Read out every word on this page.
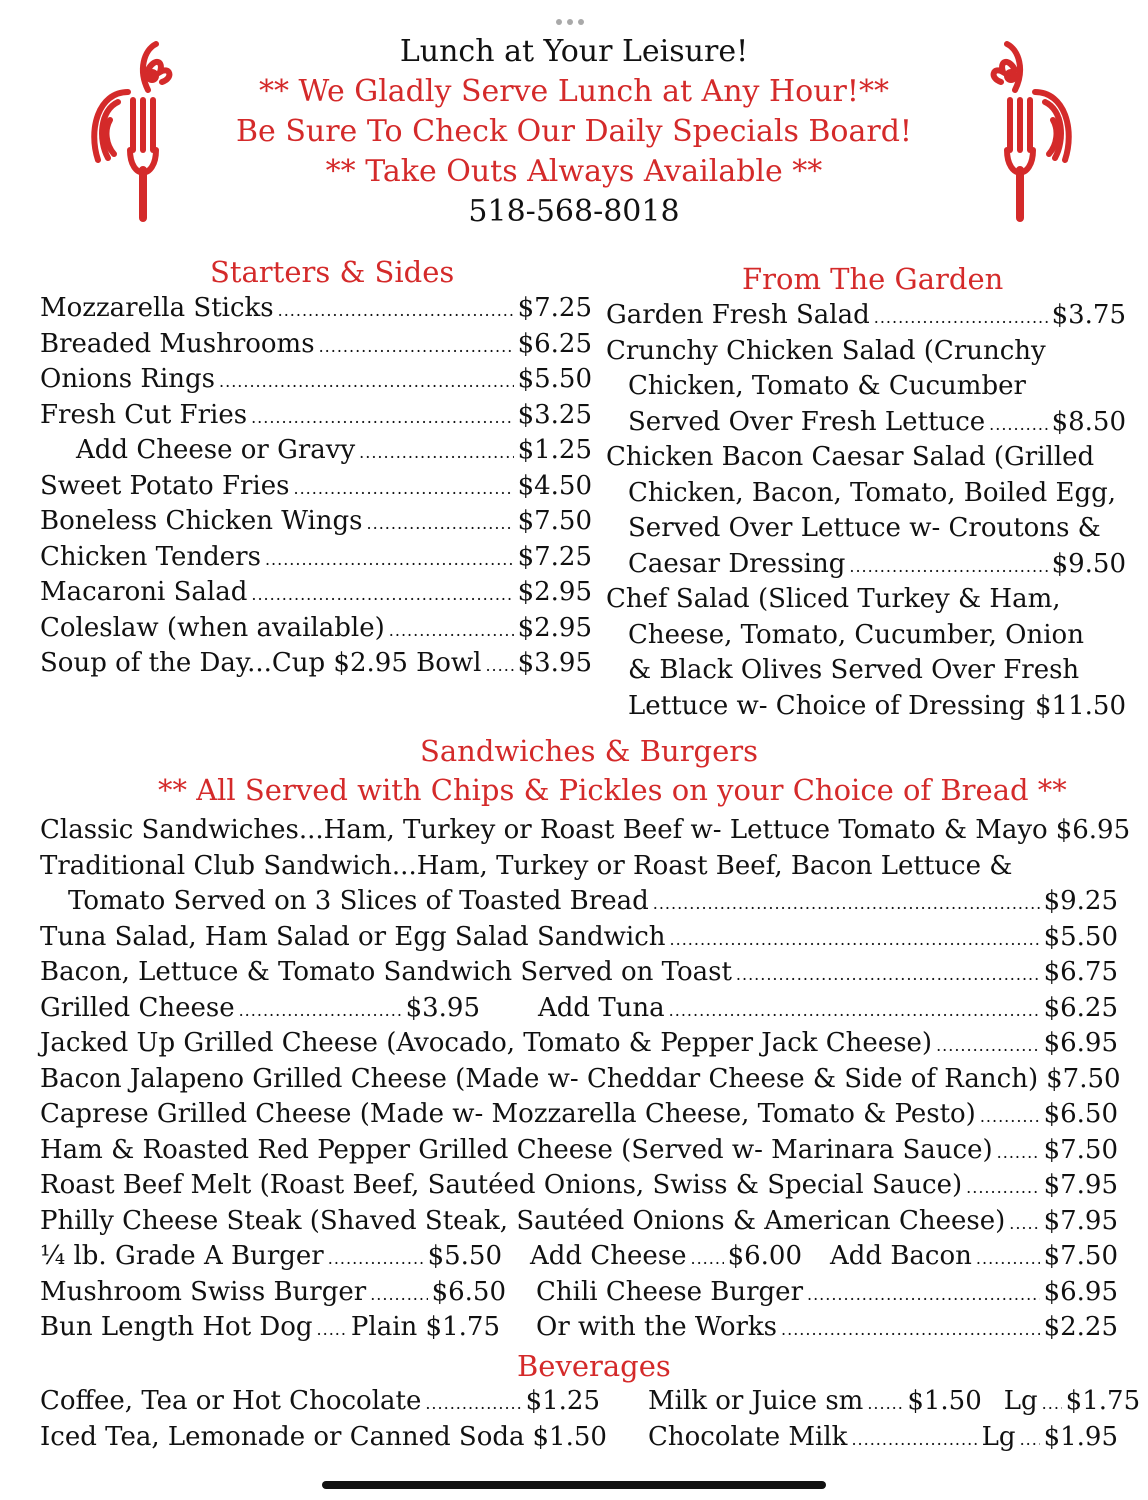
Lunch at Your Leisure!
** We Gladly Serve Lunch at Any Hour!**
Be Sure To Check Our Daily Specials Board!
** Take Outs Always Available **
518-568-8018
Starters & Sides
Mozzarella Sticks .....	$7.25
Breaded Mushrooms .....	$6.25
Onions Rings .....	$5.50
Fresh Cut Fries .....	$3.25
Add Cheese or Gravy .....	$1.25
Sweet Potato Fries .....	$4.50
Boneless Chicken Wings .....	$7.50
Chicken Tenders .....	$7.25
Macaroni Salad .....	$2.95
Coleslaw (when available) .....	$2.95
Soup of the Day...Cup $2.95 Bowl ..... $3.95
From The Garden
Garden Fresh Salad .....	$3.75
Crunchy Chicken Salad (Crunchy
Chicken, Tomato & Cucumber
Served Over Fresh Lettuce .....	$8.50
Chicken Bacon Caesar Salad (Grilled
Chicken, Bacon, Tomato, Boiled Egg,
Served Over Lettuce w- Croutons &
Caesar Dressing .....	$9.50
Chef Salad (Sliced Turkey & Ham,
Cheese, Tomato, Cucumber, Onion
& Black Olives Served Over Fresh
Lettuce w- Choice of Dressing ..... $11.50
Sandwiches & Burgers
** All Served with Chips & Pickles on your Choice of Bread **
Classic Sandwiches...Ham, Turkey or Roast Beef w- Lettuce Tomato & Mayo $6.95
Traditional Club Sandwich...Ham, Turkey or Roast Beef, Bacon Lettuce &
Tomato Served on 3 Slices of Toasted Bread .....	$9.25
Tuna Salad, Ham Salad or Egg Salad Sandwich .....	$5.50
Bacon, Lettuce & Tomato Sandwich Served on Toast .....	$6.75
Grilled Cheese .....	$3.95 Add Tuna .....	$6.25
Jacked Up Grilled Cheese (Avocado, Tomato & Pepper Jack Cheese) .....	$6.95
Bacon Jalapeno Grilled Cheese (Made w- Cheddar Cheese & Side of Ranch) $7.50
Caprese Grilled Cheese (Made w- Mozzarella Cheese, Tomato & Pesto) .....	$6.50
Ham & Roasted Red Pepper Grilled Cheese (Served w- Marinara Sauce) ..... $7.50
Roast Beef Melt (Roast Beef, Sautéed Onions, Swiss & Special Sauce) .....	$7.95
Philly Cheese Steak (Shaved Steak, Sautéed Onions & American Cheese) ..... $7.95
¼ lb. Grade A Burger .....	$5.50 Add Cheese ..... $6.00 Add Bacon .....	$7.50
Mushroom Swiss Burger .....	$6.50 Chili Cheese Burger .....	$6.95
Bun Length Hot Dog ..... Plain $1.75 Or with the Works .....	$2.25
Beverages
Coffee, Tea or Hot Chocolate .....	$1.25 Milk or Juice sm ..... $1.50 Lg ..... $1.75
Iced Tea, Lemonade or Canned Soda $1.50 Chocolate Milk .....	Lg ..... $1.95
